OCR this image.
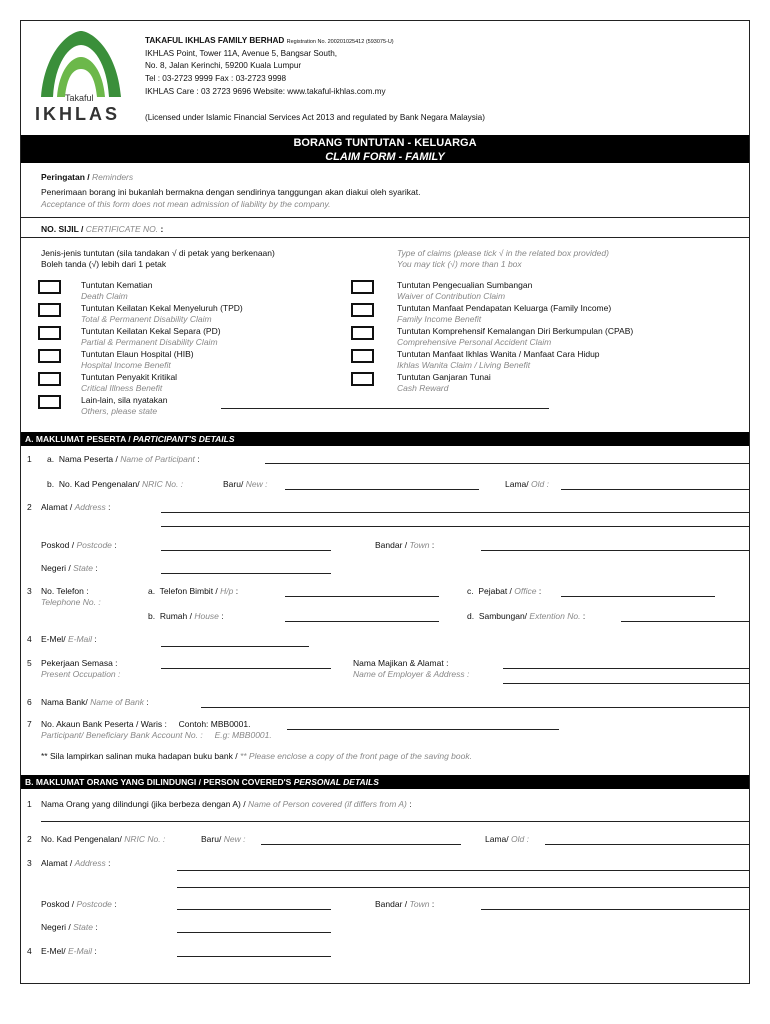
Takaful
IKHLAS
TAKAFUL IKHLAS FAMILY BERHAD Registration No. 200201025412 (593075-U)
IKHLAS Point, Tower 11A, Avenue 5, Bangsar South,
No. 8, Jalan Kerinchi, 59200 Kuala Lumpur
Tel : 03-2723 9999 Fax : 03-2723 9998
IKHLAS Care : 03 2723 9696 Website: www.takaful-ikhlas.com.my
(Licensed under Islamic Financial Services Act 2013 and regulated by Bank Negara Malaysia)
BORANG TUNTUTAN - KELUARGA
CLAIM FORM - FAMILY
Peringatan / Reminders
Penerimaan borang ini bukanlah bermakna dengan sendirinya tanggungan akan diakui oleh syarikat.
Acceptance of this form does not mean admission of liability by the company.
NO. SIJIL / CERTIFICATE NO. :
Jenis-jenis tuntutan (sila tandakan √ di petak yang berkenaan)
Boleh tanda (√) lebih dari 1 petak
Type of claims (please tick √ in the related box provided)
You may tick (√) more than 1 box
Tuntutan Kematian
Death Claim
Tuntutan Keilatan Kekal Menyeluruh (TPD)
Total & Permanent Disability Claim
Tuntutan Keilatan Kekal Separa (PD)
Partial & Permanent Disability Claim
Tuntutan Elaun Hospital (HIB)
Hospital Income Benefit
Tuntutan Penyakit Kritikal
Critical Illness Benefit
Lain-lain, sila nyatakan
Others, please state
Tuntutan Pengecualian Sumbangan
Waiver of Contribution Claim
Tuntutan Manfaat Pendapatan Keluarga (Family Income)
Family Income Benefit
Tuntutan Komprehensif Kemalangan Diri Berkumpulan (CPAB)
Comprehensive Personal Accident Claim
Tuntutan Manfaat Ikhlas Wanita / Manfaat Cara Hidup
Ikhlas Wanita Claim / Living Benefit
Tuntutan Ganjaran Tunai
Cash Reward
A. MAKLUMAT PESERTA / PARTICIPANT'S DETAILS
1 a. Nama Peserta / Name of Participant :
b. No. Kad Pengenalan/ NRIC No. :	Baru/ New :	Lama/ Old :
2 Alamat / Address :
Poskod / Postcode :	Bandar / Town :
Negeri / State :
3 No. Telefon :
Telephone No. :
a. Telefon Bimbit / H/p :	c. Pejabat / Office :
b. Rumah / House :	d. Sambungan/ Extention No. :
4 E-Mel/ E-Mail :
5 Pekerjaan Semasa :
Present Occupation :
Nama Majikan & Alamat :
Name of Employer & Address :
6 Nama Bank/ Name of Bank :
7 No. Akaun Bank Peserta / Waris : Contoh: MBB0001.
Participant/ Beneficiary Bank Account No. : E.g: MBB0001.
** Sila lampirkan salinan muka hadapan buku bank / ** Please enclose a copy of the front page of the saving book.
B. MAKLUMAT ORANG YANG DILINDUNGI / PERSON COVERED'S PERSONAL DETAILS
1 Nama Orang yang dilindungi (jika berbeza dengan A) / Name of Person covered (if differs from A) :
2 No. Kad Pengenalan/ NRIC No. :	Baru/ New :	Lama/ Old :
3 Alamat / Address :
Poskod / Postcode :	Bandar / Town :
Negeri / State :
4 E-Mel/ E-Mail :
